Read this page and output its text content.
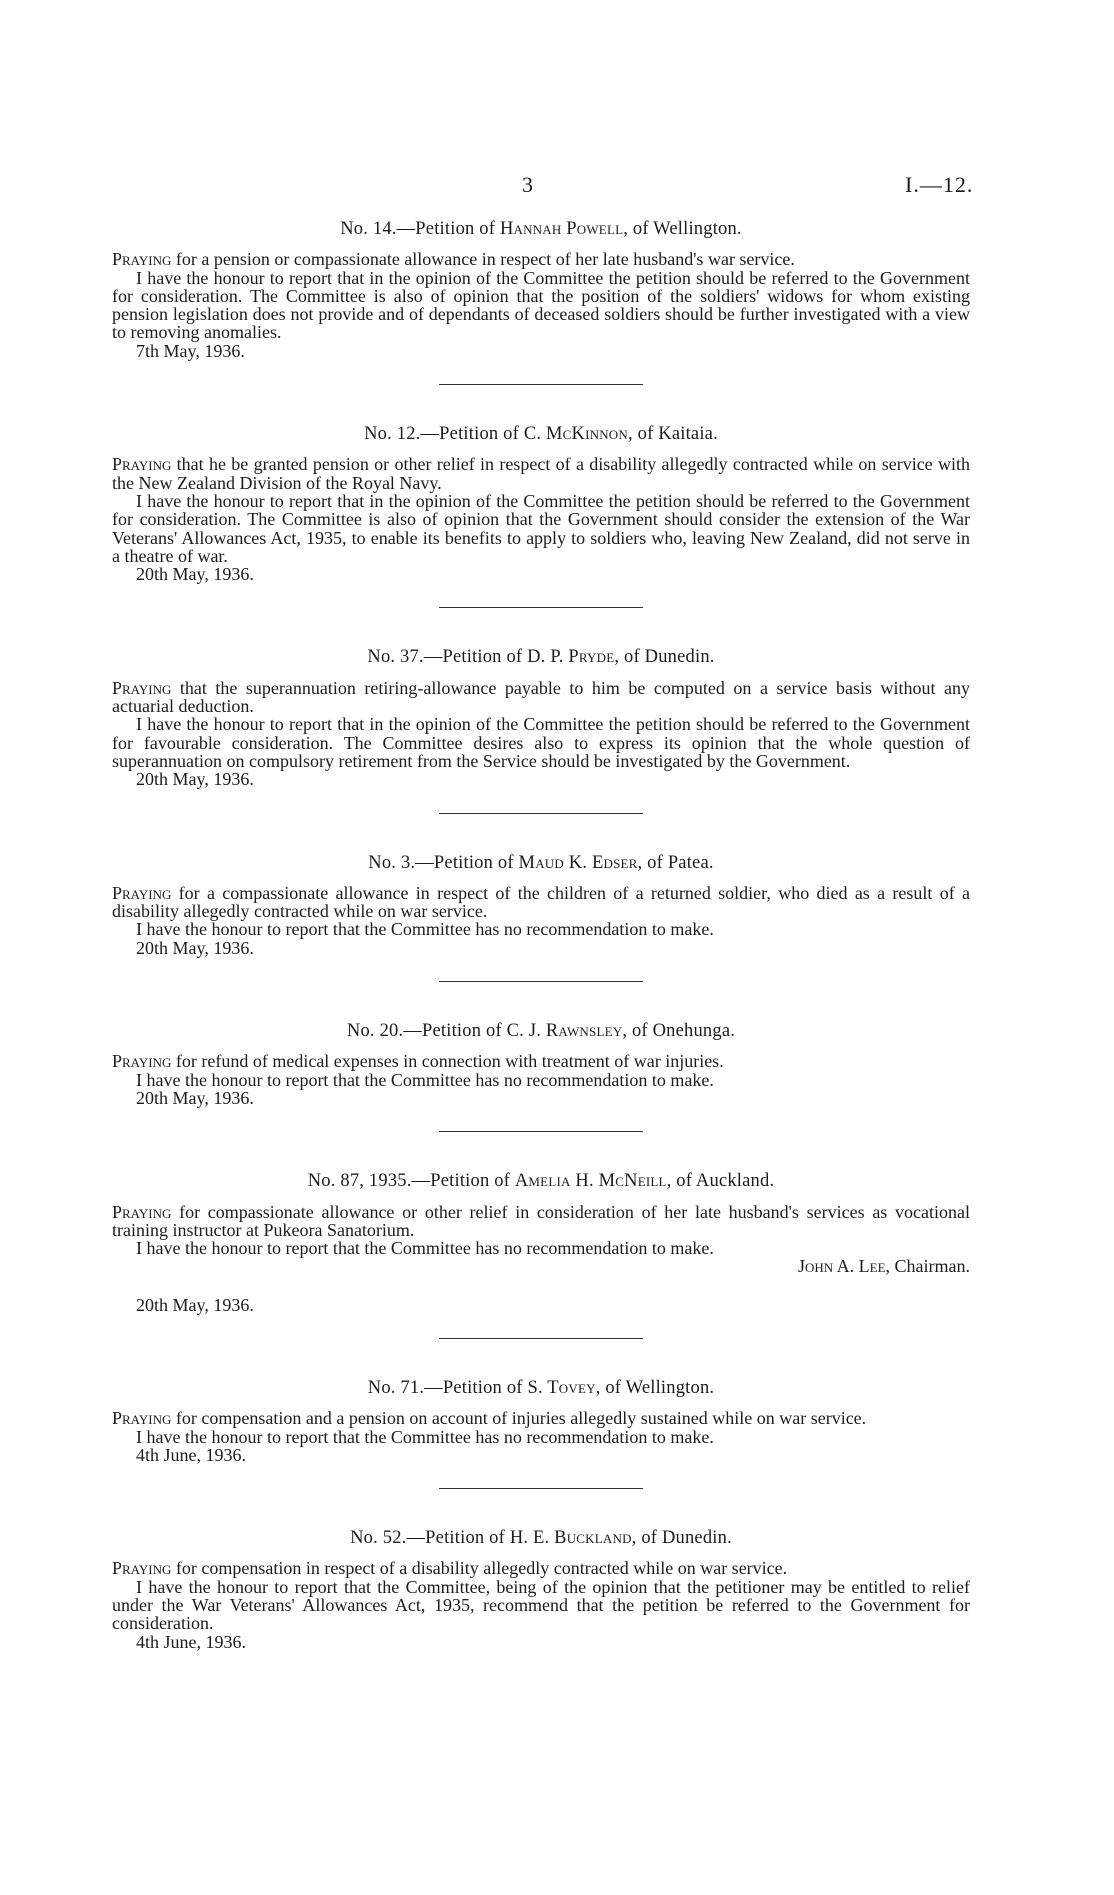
3	I.—12.

No. 14.—Petition of Hannah Powell, of Wellington.

Praying for a pension or compassionate allowance in respect of her late husband's war service.

I have the honour to report that in the opinion of the Committee the petition should be referred to the Government for consideration. The Committee is also of opinion that the position of the soldiers' widows for whom existing pension legislation does not provide and of dependants of deceased soldiers should be further investigated with a view to removing anomalies.

7th May, 1936.

No. 12.—Petition of C. McKinnon, of Kaitaia.

Praying that he be granted pension or other relief in respect of a disability allegedly contracted while on service with the New Zealand Division of the Royal Navy.

I have the honour to report that in the opinion of the Committee the petition should be referred to the Government for consideration. The Committee is also of opinion that the Government should consider the extension of the War Veterans' Allowances Act, 1935, to enable its benefits to apply to soldiers who, leaving New Zealand, did not serve in a theatre of war.

20th May, 1936.

No. 37.—Petition of D. P. Pryde, of Dunedin.

Praying that the superannuation retiring-allowance payable to him be computed on a service basis without any actuarial deduction.

I have the honour to report that in the opinion of the Committee the petition should be referred to the Government for favourable consideration. The Committee desires also to express its opinion that the whole question of superannuation on compulsory retirement from the Service should be investigated by the Government.

20th May, 1936.

No. 3.—Petition of Maud K. Edser, of Patea.

Praying for a compassionate allowance in respect of the children of a returned soldier, who died as a result of a disability allegedly contracted while on war service.

I have the honour to report that the Committee has no recommendation to make.

20th May, 1936.

No. 20.—Petition of C. J. Rawnsley, of Onehunga.

Praying for refund of medical expenses in connection with treatment of war injuries.

I have the honour to report that the Committee has no recommendation to make.

20th May, 1936.

No. 87, 1935.—Petition of Amelia H. McNeill, of Auckland.

Praying for compassionate allowance or other relief in consideration of her late husband's services as vocational training instructor at Pukeora Sanatorium.

I have the honour to report that the Committee has no recommendation to make.

John A. Lee, Chairman.

20th May, 1936.

No. 71.—Petition of S. Tovey, of Wellington.

Praying for compensation and a pension on account of injuries allegedly sustained while on war service.

I have the honour to report that the Committee has no recommendation to make.

4th June, 1936.

No. 52.—Petition of H. E. Buckland, of Dunedin.

Praying for compensation in respect of a disability allegedly contracted while on war service.

I have the honour to report that the Committee, being of the opinion that the petitioner may be entitled to relief under the War Veterans' Allowances Act, 1935, recommend that the petition be referred to the Government for consideration.

4th June, 1936.
